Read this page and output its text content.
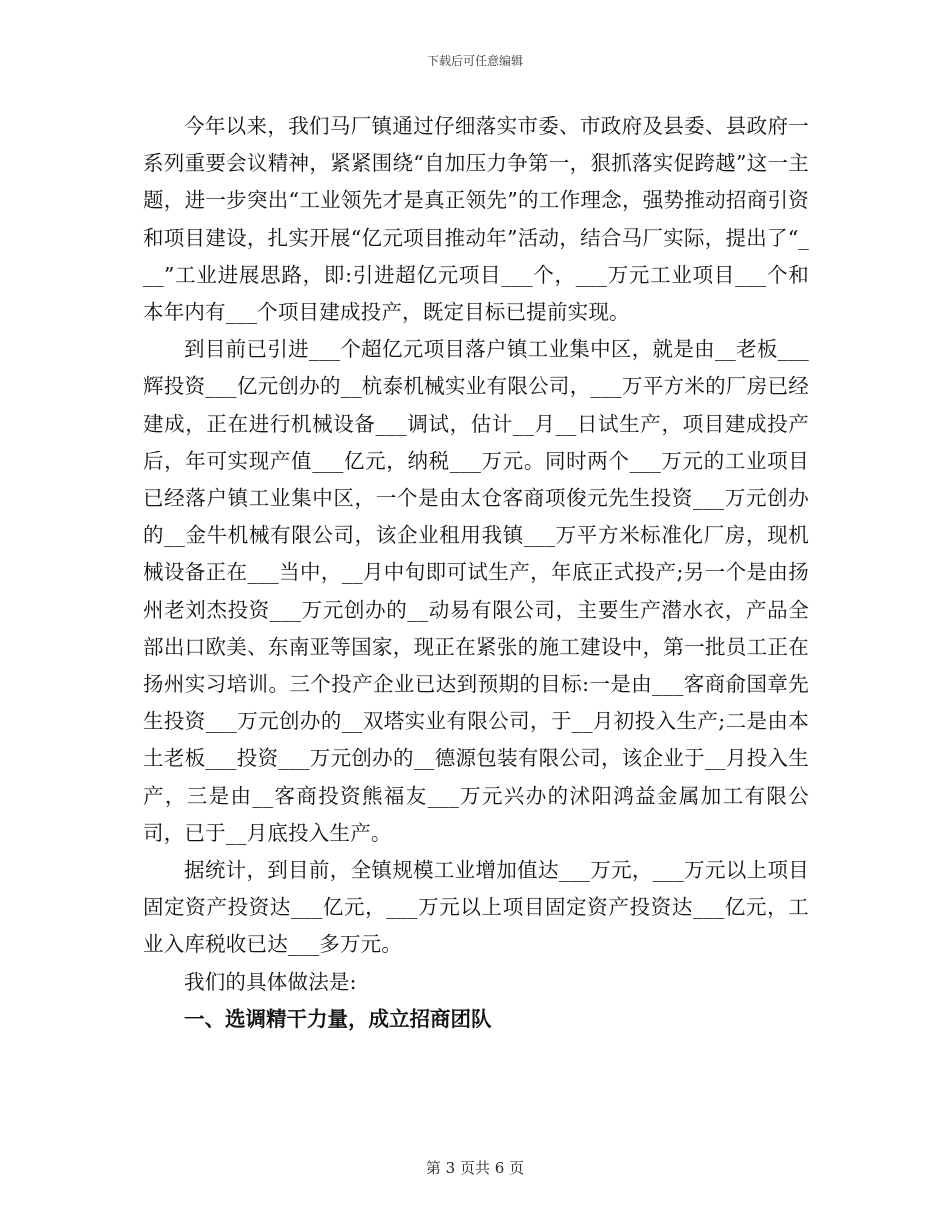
下载后可任意编辑

今年以来，我们马厂镇通过仔细落实市委、市政府及县委、县政府一系列重要会议精神，紧紧围绕“自加压力争第一，狠抓落实促跨越”这一主题，进一步突出“工业领先才是真正领先”的工作理念，强势推动招商引资和项目建设，扎实开展“亿元项目推动年”活动，结合马厂实际，提出了“___”工业进展思路，即:引进超亿元项目___个，___万元工业项目___个和本年内有___个项目建成投产，既定目标已提前实现。

到目前已引进___个超亿元项目落户镇工业集中区，就是由__老板___辉投资___亿元创办的__杭泰机械实业有限公司，___万平方米的厂房已经建成，正在进行机械设备___调试，估计__月__日试生产，项目建成投产后，年可实现产值___亿元，纳税___万元。同时两个___万元的工业项目已经落户镇工业集中区，一个是由太仓客商项俊元先生投资___万元创办的__金牛机械有限公司，该企业租用我镇___万平方米标准化厂房，现机械设备正在___当中，__月中旬即可试生产，年底正式投产;另一个是由扬州老刘杰投资___万元创办的__动易有限公司，主要生产潜水衣，产品全部出口欧美、东南亚等国家，现正在紧张的施工建设中，第一批员工正在扬州实习培训。三个投产企业已达到预期的目标:一是由___客商俞国章先生投资___万元创办的__双塔实业有限公司，于__月初投入生产;二是由本土老板___投资___万元创办的__德源包装有限公司，该企业于__月投入生产，三是由__客商投资熊福友___万元兴办的沭阳鸿益金属加工有限公司，已于__月底投入生产。

据统计，到目前，全镇规模工业增加值达___万元，___万元以上项目固定资产投资达___亿元，___万元以上项目固定资产投资达___亿元，工业入库税收已达___多万元。

我们的具体做法是:

一、选调精干力量，成立招商团队

第 3 页共 6 页
